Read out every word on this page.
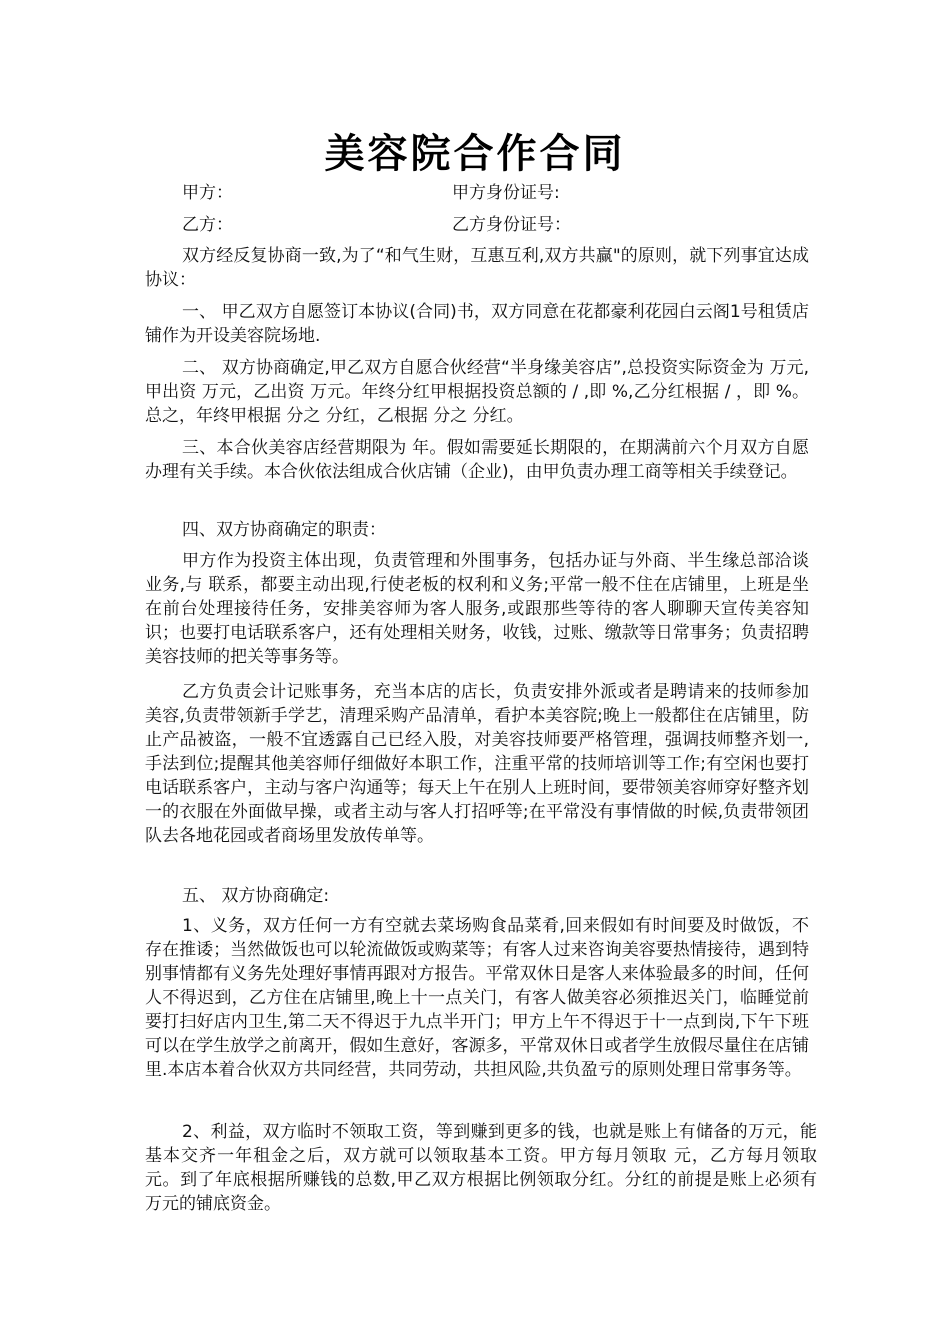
美容院合作合同
甲方：	甲方身份证号:
乙方：	乙方身份证号：

双方经反复协商一致,为了“和气生财，互惠互利,双方共赢"的原则，就下列事宜达成协议：

一、 甲乙双方自愿签订本协议(合同)书，双方同意在花都豪利花园白云阁1号租赁店铺作为开设美容院场地.

二、 双方协商确定,甲乙双方自愿合伙经营“半身缘美容店”,总投资实际资金为 万元,甲出资 万元，乙出资 万元。年终分红甲根据投资总额的 / ,即 %,乙分红根据 / ，即 %。总之，年终甲根据 分之 分红，乙根据 分之 分红。

三、本合伙美容店经营期限为 年。假如需要延长期限的，在期满前六个月双方自愿办理有关手续。本合伙依法组成合伙店铺（企业)，由甲负责办理工商等相关手续登记。

四、双方协商确定的职责：

甲方作为投资主体出现，负责管理和外围事务，包括办证与外商、半生缘总部洽谈业务,与 联系，都要主动出现,行使老板的权利和义务;平常一般不住在店铺里，上班是坐在前台处理接待任务，安排美容师为客人服务,或跟那些等待的客人聊聊天宣传美容知识；也要打电话联系客户，还有处理相关财务，收钱，过账、缴款等日常事务；负责招聘美容技师的把关等事务等。

乙方负责会计记账事务，充当本店的店长，负责安排外派或者是聘请来的技师参加美容,负责带领新手学艺，清理采购产品清单，看护本美容院;晚上一般都住在店铺里，防止产品被盗，一般不宜透露自己已经入股，对美容技师要严格管理，强调技师整齐划一,手法到位;提醒其他美容师仔细做好本职工作，注重平常的技师培训等工作;有空闲也要打电话联系客户，主动与客户沟通等；每天上午在别人上班时间，要带领美容师穿好整齐划一的衣服在外面做早操，或者主动与客人打招呼等;在平常没有事情做的时候,负责带领团队去各地花园或者商场里发放传单等。

五、 双方协商确定:

1、义务，双方任何一方有空就去菜场购食品菜肴,回来假如有时间要及时做饭，不存在推诿；当然做饭也可以轮流做饭或购菜等；有客人过来咨询美容要热情接待，遇到特别事情都有义务先处理好事情再跟对方报告。平常双休日是客人来体验最多的时间，任何人不得迟到，乙方住在店铺里,晚上十一点关门，有客人做美容必须推迟关门，临睡觉前要打扫好店内卫生,第二天不得迟于九点半开门；甲方上午不得迟于十一点到岗,下午下班可以在学生放学之前离开，假如生意好，客源多，平常双休日或者学生放假尽量住在店铺里.本店本着合伙双方共同经营，共同劳动，共担风险,共负盈亏的原则处理日常事务等。

2、利益，双方临时不领取工资，等到赚到更多的钱，也就是账上有储备的万元，能基本交齐一年租金之后，双方就可以领取基本工资。甲方每月领取 元，乙方每月领取 元。到了年底根据所赚钱的总数,甲乙双方根据比例领取分红。分红的前提是账上必须有 万元的铺底资金。
